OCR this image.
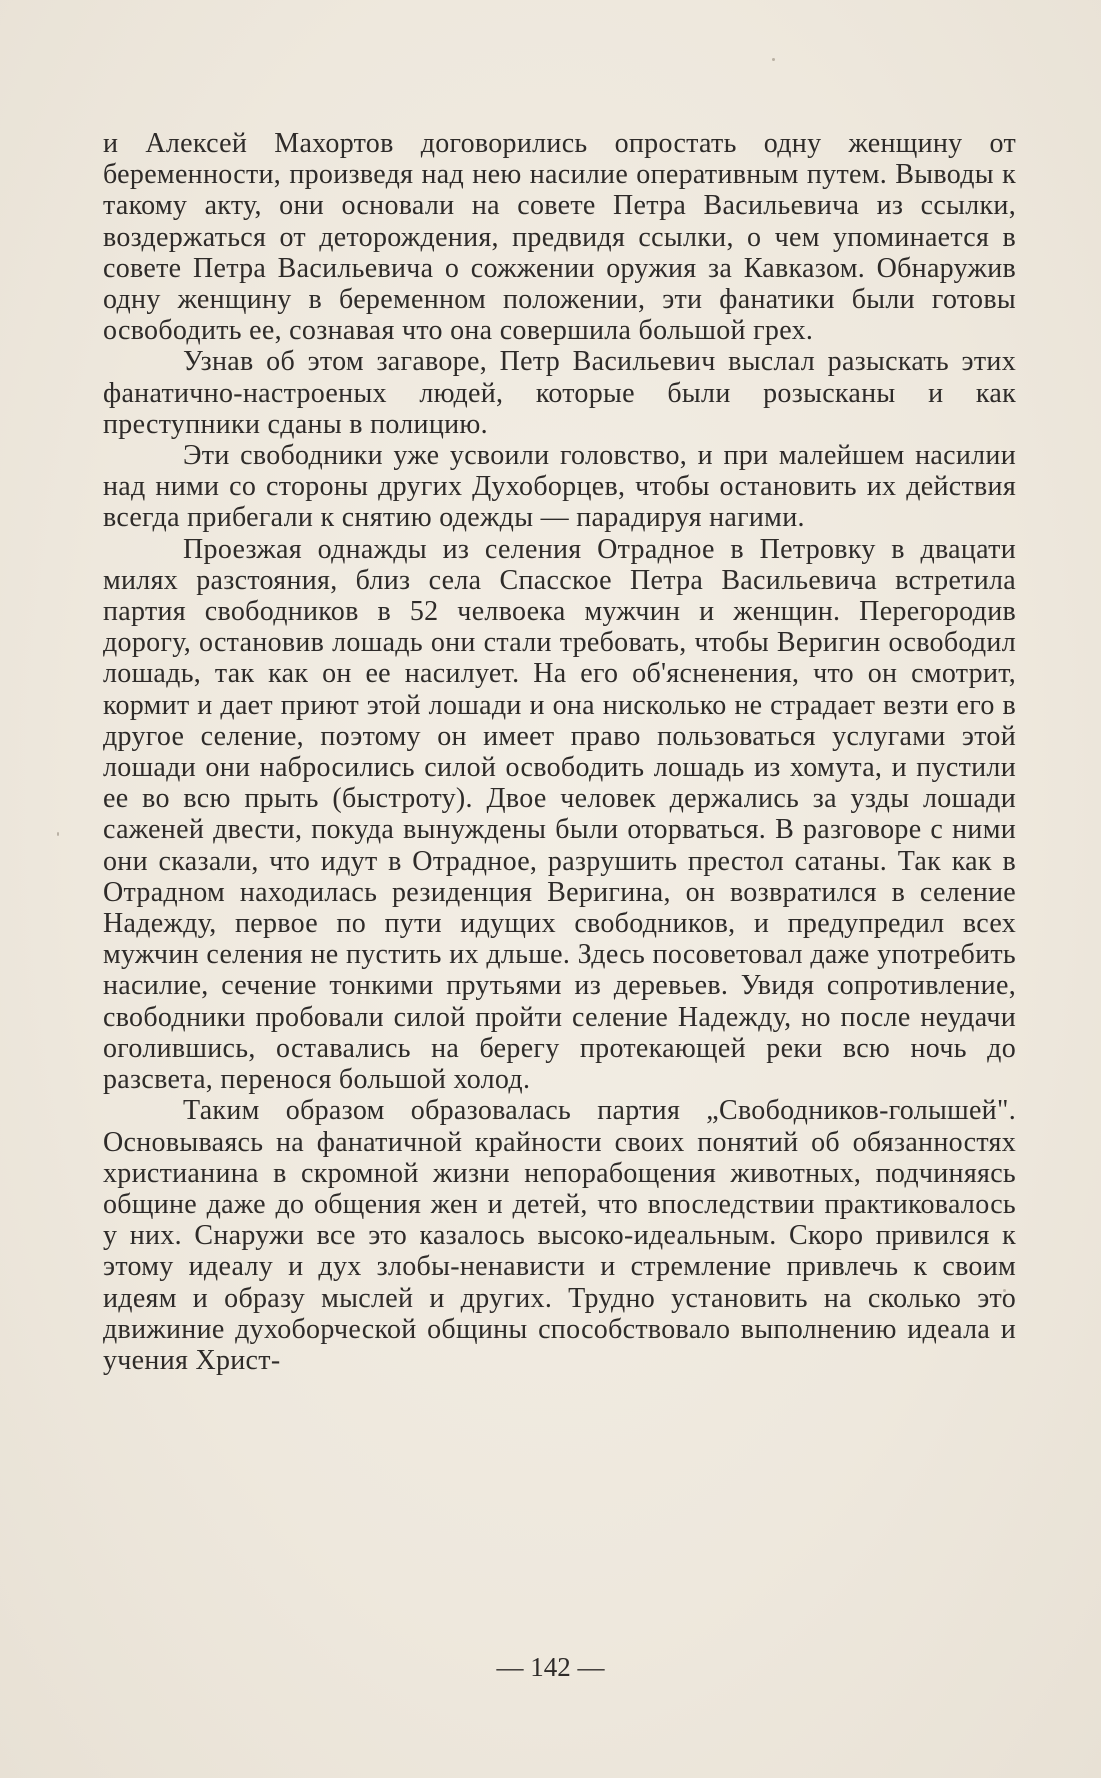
и Алексей Махортов договорились опростать одну женщину от беременности, произведя над нею насилие оперативным путем. Выводы к такому акту, они основали на совете Петра Васильевича из ссылки, воздержаться от деторождения, предвидя ссылки, о чем упоминается в совете Петра Васильевича о сожжении оружия за Кавказом. Обнаружив одну женщину в беременном положении, эти фанатики были готовы освободить ее, сознавая что она совершила большой грех.

Узнав об этом загаворе, Петр Васильевич выслал разыскать этих фанатично-настроеных людей, которые были розысканы и как преступники сданы в полицию.

Эти свободники уже усвоили головство, и при малейшем насилии над ними со стороны других Духоборцев, чтобы остановить их действия всегда прибегали к снятию одежды — парадируя нагими.

Проезжая однажды из селения Отрадное в Петровку в двацати милях разстояния, близ села Спасское Петра Васильевича встретила партия свободников в 52 челвоека мужчин и женщин. Перегородив дорогу, остановив лошадь они стали требовать, чтобы Веригин освободил лошадь, так как он ее насилует. На его об'ясненения, что он смотрит, кормит и дает приют этой лошади и она нисколько не страдает везти его в другое селение, поэтому он имеет право пользоваться услугами этой лошади они набросились силой освободить лошадь из хомута, и пустили ее во всю прыть (быстроту). Двое человек держались за узды лошади саженей двести, покуда вынуждены были оторваться. В разговоре с ними они сказали, что идут в Отрадное, разрушить престол сатаны. Так как в Отрадном находилась резиденция Веригина, он возвратился в селение Надежду, первое по пути идущих свободников, и предупредил всех мужчин селения не пустить их дльше. Здесь посоветовал даже употребить насилие, сечение тонкими прутьями из деревьев. Увидя сопротивление, свободники пробовали силой пройти селение Надежду, но после неудачи оголившись, оставались на берегу протекающей реки всю ночь до разсвета, перенося большой холод.

Таким образом образовалась партия „Свободников-голышей". Основываясь на фанатичной крайности своих понятий об обязанностях христианина в скромной жизни непорабощения животных, подчиняясь общине даже до общения жен и детей, что впоследствии практиковалось у них. Снаружи все это казалось высоко-идеальным. Скоро привился к этому идеалу и дух злобы-ненависти и стремление привлечь к своим идеям и образу мыслей и других. Трудно установить на сколько это движиние духоборческой общины способствовало выполнению идеала и учения Христ-

— 142 —
